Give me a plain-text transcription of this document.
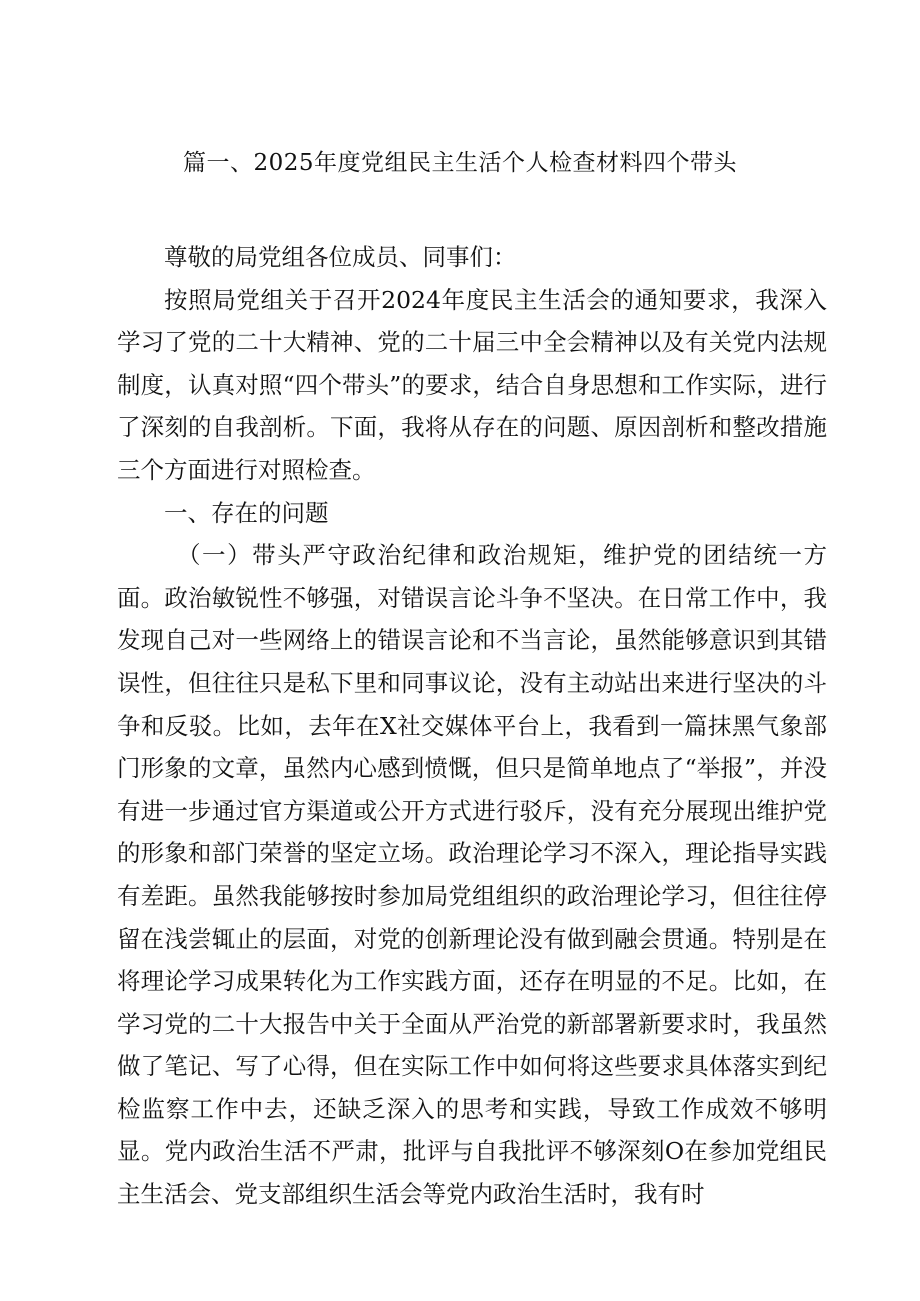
篇一、2025年度党组民主生活个人检查材料四个带头

尊敬的局党组各位成员、同事们：

按照局党组关于召开2024年度民主生活会的通知要求，我深入学习了党的二十大精神、党的二十届三中全会精神以及有关党内法规制度，认真对照“四个带头”的要求，结合自身思想和工作实际，进行了深刻的自我剖析。下面，我将从存在的问题、原因剖析和整改措施三个方面进行对照检查。

一、存在的问题

（一）带头严守政治纪律和政治规矩，维护党的团结统一方面。政治敏锐性不够强，对错误言论斗争不坚决。在日常工作中，我发现自己对一些网络上的错误言论和不当言论，虽然能够意识到其错误性，但往往只是私下里和同事议论，没有主动站出来进行坚决的斗争和反驳。比如，去年在X社交媒体平台上，我看到一篇抹黑气象部门形象的文章，虽然内心感到愤慨，但只是简单地点了“举报”，并没有进一步通过官方渠道或公开方式进行驳斥，没有充分展现出维护党的形象和部门荣誉的坚定立场。政治理论学习不深入，理论指导实践有差距。虽然我能够按时参加局党组组织的政治理论学习，但往往停留在浅尝辄止的层面，对党的创新理论没有做到融会贯通。特别是在将理论学习成果转化为工作实践方面，还存在明显的不足。比如，在学习党的二十大报告中关于全面从严治党的新部署新要求时，我虽然做了笔记、写了心得，但在实际工作中如何将这些要求具体落实到纪检监察工作中去，还缺乏深入的思考和实践，导致工作成效不够明显。党内政治生活不严肃，批评与自我批评不够深刻O在参加党组民主生活会、党支部组织生活会等党内政治生活时，我有时
